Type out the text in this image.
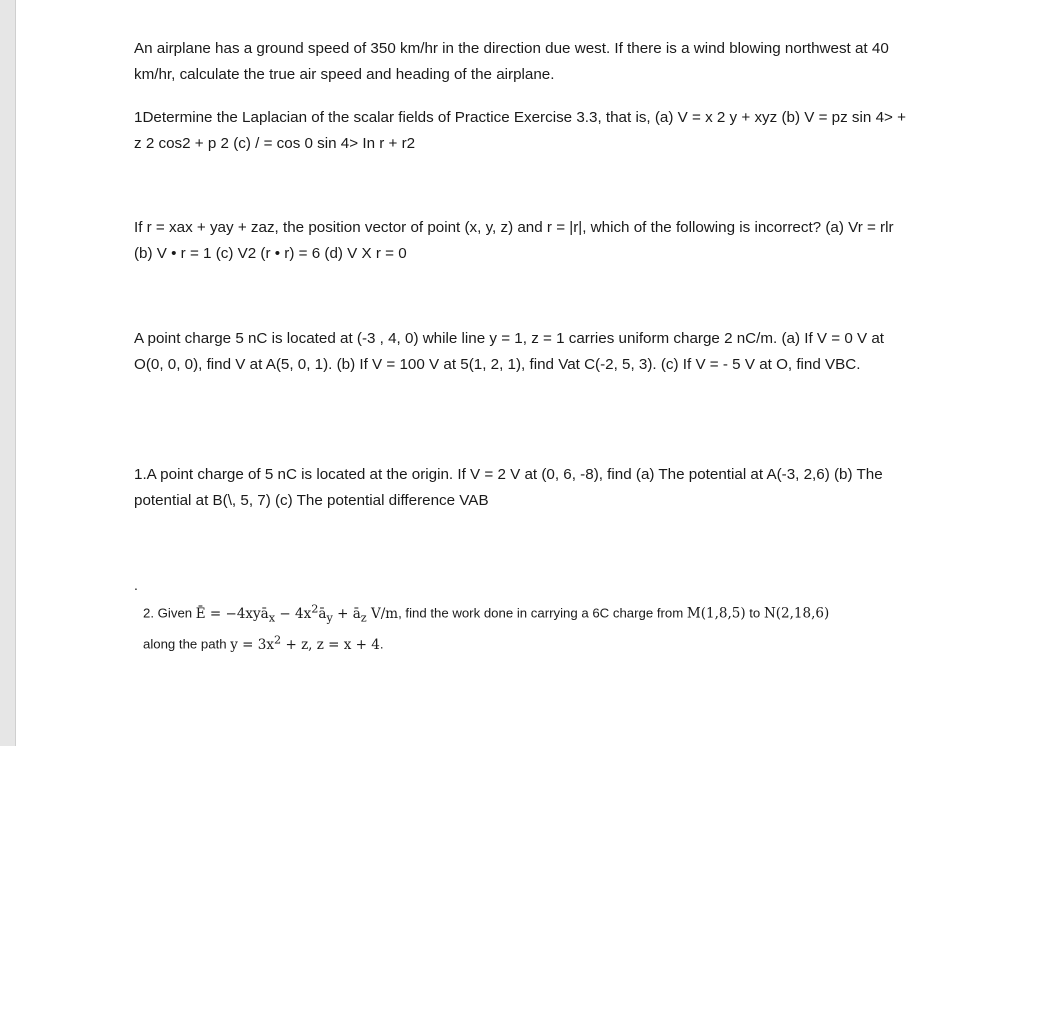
An airplane has a ground speed of 350 km/hr in the direction due west. If there is a wind blowing northwest at 40 km/hr, calculate the true air speed and heading of the airplane.

1Determine the Laplacian of the scalar fields of Practice Exercise 3.3, that is, (a) V = x 2 y + xyz (b) V = pz sin 4> + z 2 cos2 + p 2 (c) / = cos 0 sin 4> In r + r2

If r = xax + yay + zaz, the position vector of point (x, y, z) and r = |r|, which of the following is incorrect? (a) Vr = rlr (b) V • r = 1 (c) V2 (r • r) = 6 (d) V X r = 0

A point charge 5 nC is located at (-3 , 4, 0) while line y = 1, z = 1 carries uniform charge 2 nC/m. (a) If V = 0 V at O(0, 0, 0), find V at A(5, 0, 1). (b) If V = 100 V at 5(1, 2, 1), find Vat C(-2, 5, 3). (c) If V = - 5 V at O, find VBC.

1.A point charge of 5 nC is located at the origin. If V = 2 V at (0, 6, -8), find (a) The potential at A(-3, 2,6) (b) The potential at B(\, 5, 7) (c) The potential difference VAB

.

2. Given Ē = −4xyā$_x$ − $4x^2ā_y$ + $ā_z$ V/m, find the work done in carrying a 6C charge from M(1,8,5) to N(2,18,6)
along the path $y = 3x^2 + z$, z = x + 4.
